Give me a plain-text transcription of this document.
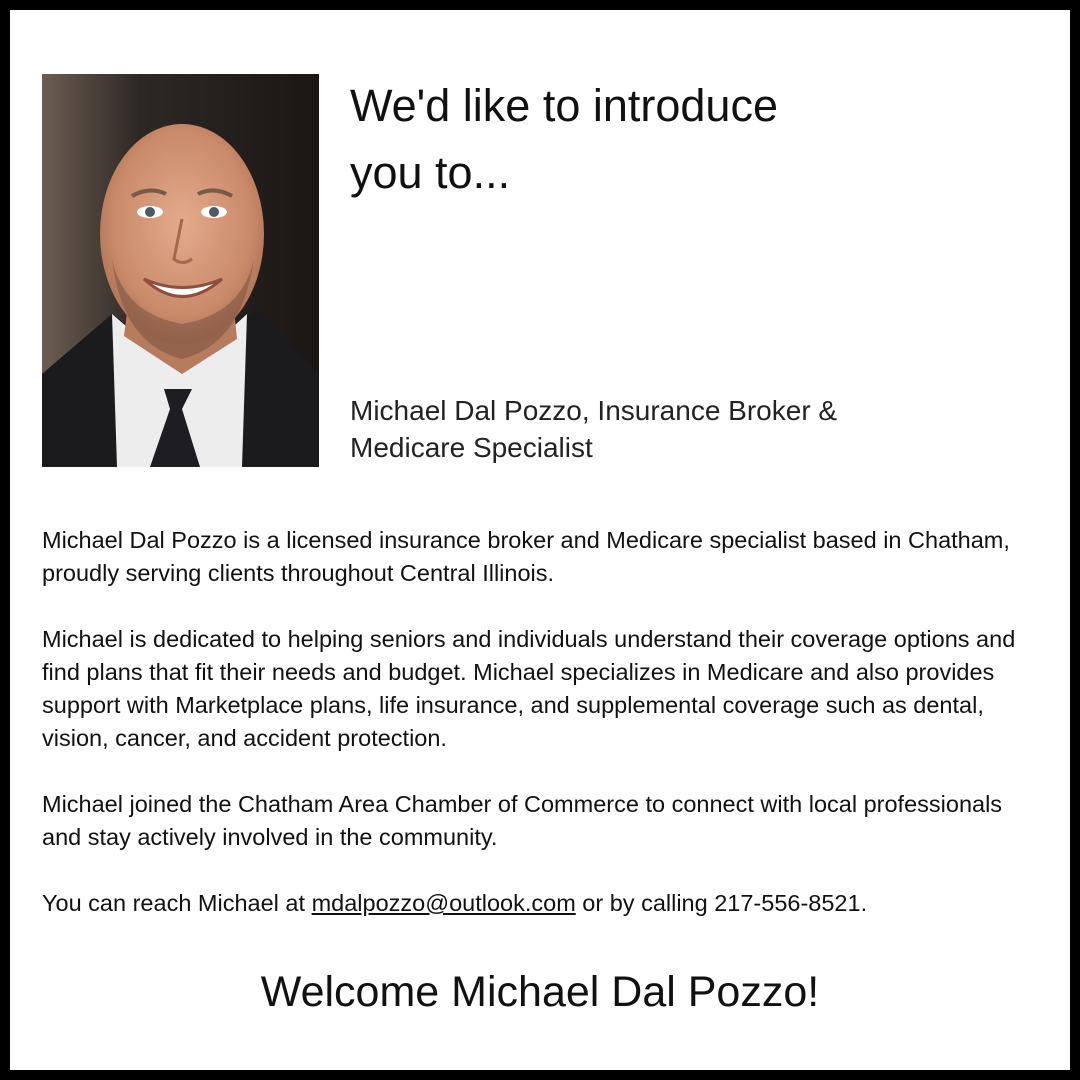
We'd like to introduce
you to...
Michael Dal Pozzo, Insurance Broker &
Medicare Specialist

Michael Dal Pozzo is a licensed insurance broker and Medicare specialist based in Chatham, proudly serving clients throughout Central Illinois.

Michael is dedicated to helping seniors and individuals understand their coverage options and find plans that fit their needs and budget. Michael specializes in Medicare and also provides support with Marketplace plans, life insurance, and supplemental coverage such as dental, vision, cancer, and accident protection.

Michael joined the Chatham Area Chamber of Commerce to connect with local professionals and stay actively involved in the community.

You can reach Michael at mdalpozzo@outlook.com or by calling 217-556-8521.

Welcome Michael Dal Pozzo!
